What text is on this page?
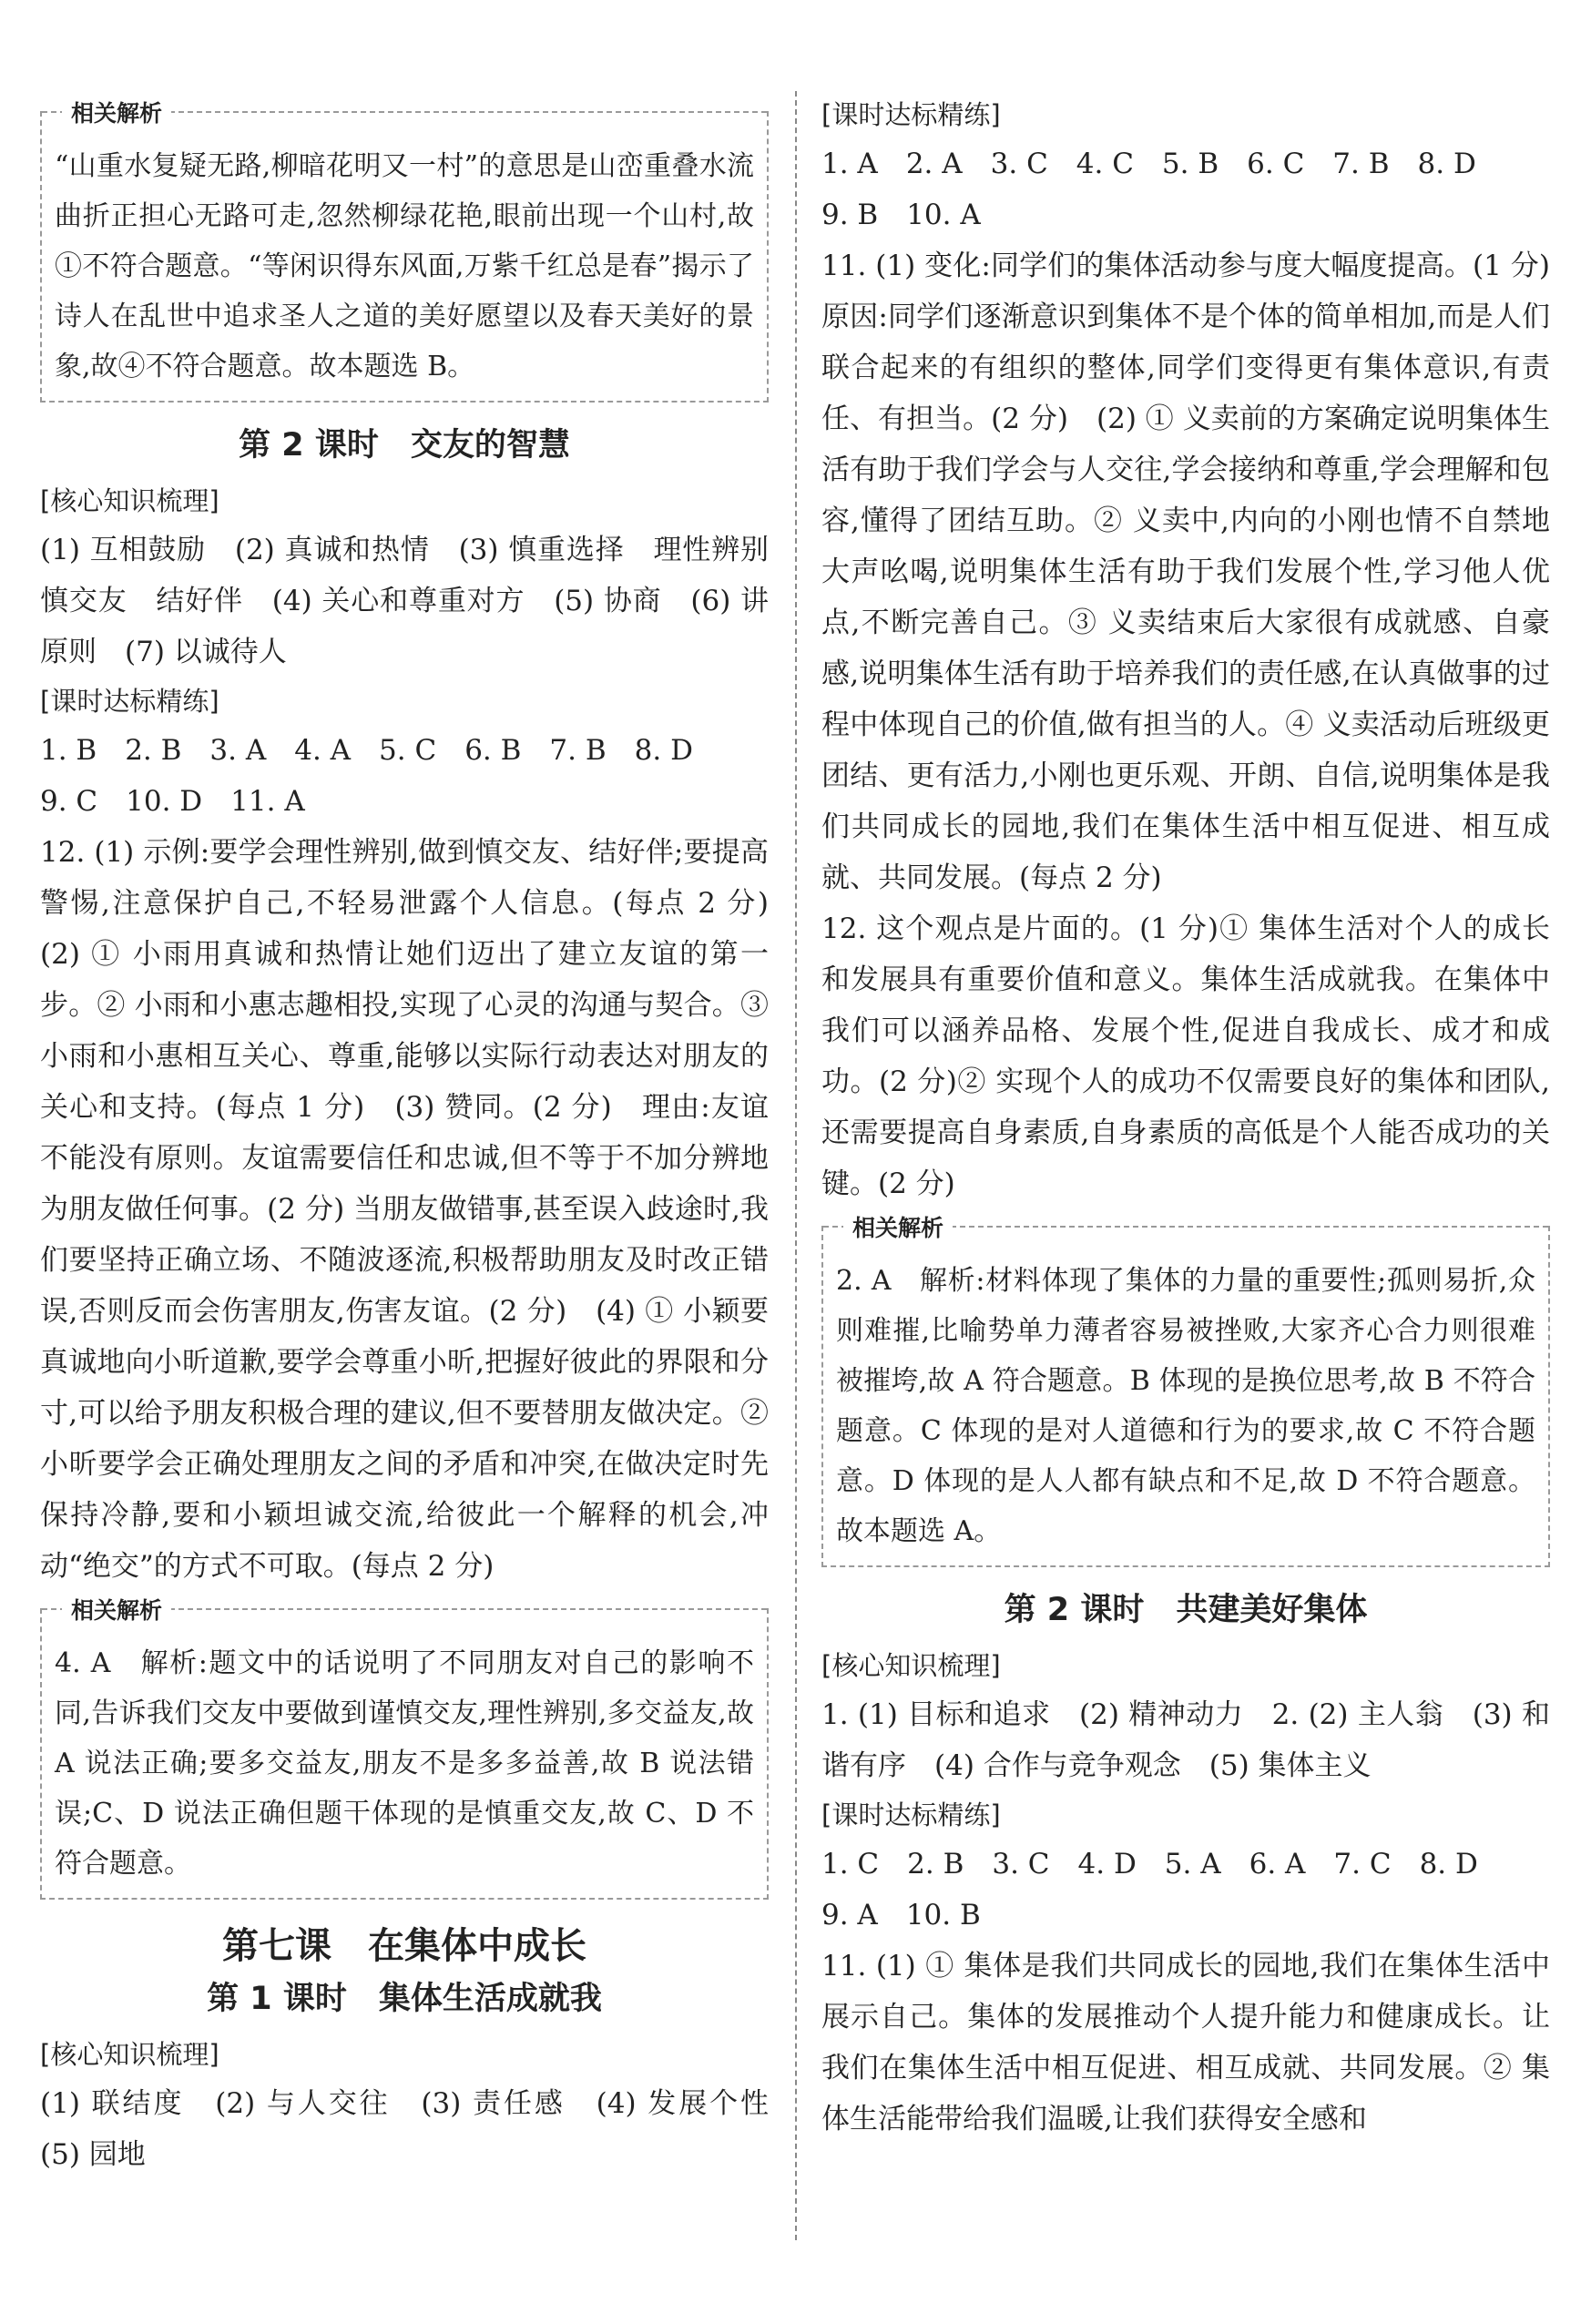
相关解析

“山重水复疑无路,柳暗花明又一村”的意思是山峦重叠水流曲折正担心无路可走,忽然柳绿花艳,眼前出现一个山村,故①不符合题意。“等闲识得东风面,万紫千红总是春”揭示了诗人在乱世中追求圣人之道的美好愿望以及春天美好的景象,故④不符合题意。故本题选 B。

第 2 课时　交友的智慧
[核心知识梳理]

(1) 互相鼓励　(2) 真诚和热情　(3) 慎重选择　理性辨别　慎交友　结好伴　(4) 关心和尊重对方　(5) 协商　(6) 讲原则　(7) 以诚待人

[课时达标精练]

1. B　2. B　3. A　4. A　5. C　6. B　7. B　8. D

9. C　10. D　11. A

12. (1) 示例:要学会理性辨别,做到慎交友、结好伴;要提高警惕,注意保护自己,不轻易泄露个人信息。(每点 2 分)　(2) ① 小雨用真诚和热情让她们迈出了建立友谊的第一步。② 小雨和小惠志趣相投,实现了心灵的沟通与契合。③ 小雨和小惠相互关心、尊重,能够以实际行动表达对朋友的关心和支持。(每点 1 分)　(3) 赞同。(2 分)　理由:友谊不能没有原则。友谊需要信任和忠诚,但不等于不加分辨地为朋友做任何事。(2 分) 当朋友做错事,甚至误入歧途时,我们要坚持正确立场、不随波逐流,积极帮助朋友及时改正错误,否则反而会伤害朋友,伤害友谊。(2 分)　(4) ① 小颖要真诚地向小昕道歉,要学会尊重小昕,把握好彼此的界限和分寸,可以给予朋友积极合理的建议,但不要替朋友做决定。② 小昕要学会正确处理朋友之间的矛盾和冲突,在做决定时先保持冷静,要和小颖坦诚交流,给彼此一个解释的机会,冲动“绝交”的方式不可取。(每点 2 分)

相关解析

4. A　解析:题文中的话说明了不同朋友对自己的影响不同,告诉我们交友中要做到谨慎交友,理性辨别,多交益友,故 A 说法正确;要多交益友,朋友不是多多益善,故 B 说法错误;C、D 说法正确但题干体现的是慎重交友,故 C、D 不符合题意。

第七课　在集体中成长
第 1 课时　集体生活成就我
[核心知识梳理]

(1) 联结度　(2) 与人交往　(3) 责任感　(4) 发展个性　(5) 园地

[课时达标精练]

1. A　2. A　3. C　4. C　5. B　6. C　7. B　8. D

9. B　10. A

11. (1) 变化:同学们的集体活动参与度大幅度提高。(1 分)　原因:同学们逐渐意识到集体不是个体的简单相加,而是人们联合起来的有组织的整体,同学们变得更有集体意识,有责任、有担当。(2 分)　(2) ① 义卖前的方案确定说明集体生活有助于我们学会与人交往,学会接纳和尊重,学会理解和包容,懂得了团结互助。② 义卖中,内向的小刚也情不自禁地大声吆喝,说明集体生活有助于我们发展个性,学习他人优点,不断完善自己。③ 义卖结束后大家很有成就感、自豪感,说明集体生活有助于培养我们的责任感,在认真做事的过程中体现自己的价值,做有担当的人。④ 义卖活动后班级更团结、更有活力,小刚也更乐观、开朗、自信,说明集体是我们共同成长的园地,我们在集体生活中相互促进、相互成就、共同发展。(每点 2 分)

12. 这个观点是片面的。(1 分)① 集体生活对个人的成长和发展具有重要价值和意义。集体生活成就我。在集体中我们可以涵养品格、发展个性,促进自我成长、成才和成功。(2 分)② 实现个人的成功不仅需要良好的集体和团队,还需要提高自身素质,自身素质的高低是个人能否成功的关键。(2 分)

相关解析

2. A　解析:材料体现了集体的力量的重要性;孤则易折,众则难摧,比喻势单力薄者容易被挫败,大家齐心合力则很难被摧垮,故 A 符合题意。B 体现的是换位思考,故 B 不符合题意。C 体现的是对人道德和行为的要求,故 C 不符合题意。D 体现的是人人都有缺点和不足,故 D 不符合题意。故本题选 A。

第 2 课时　共建美好集体
[核心知识梳理]

1. (1) 目标和追求　(2) 精神动力　2. (2) 主人翁　(3) 和谐有序　(4) 合作与竞争观念　(5) 集体主义

[课时达标精练]

1. C　2. B　3. C　4. D　5. A　6. A　7. C　8. D

9. A　10. B

11. (1) ① 集体是我们共同成长的园地,我们在集体生活中展示自己。集体的发展推动个人提升能力和健康成长。让我们在集体生活中相互促进、相互成就、共同发展。② 集体生活能带给我们温暖,让我们获得安全感和
